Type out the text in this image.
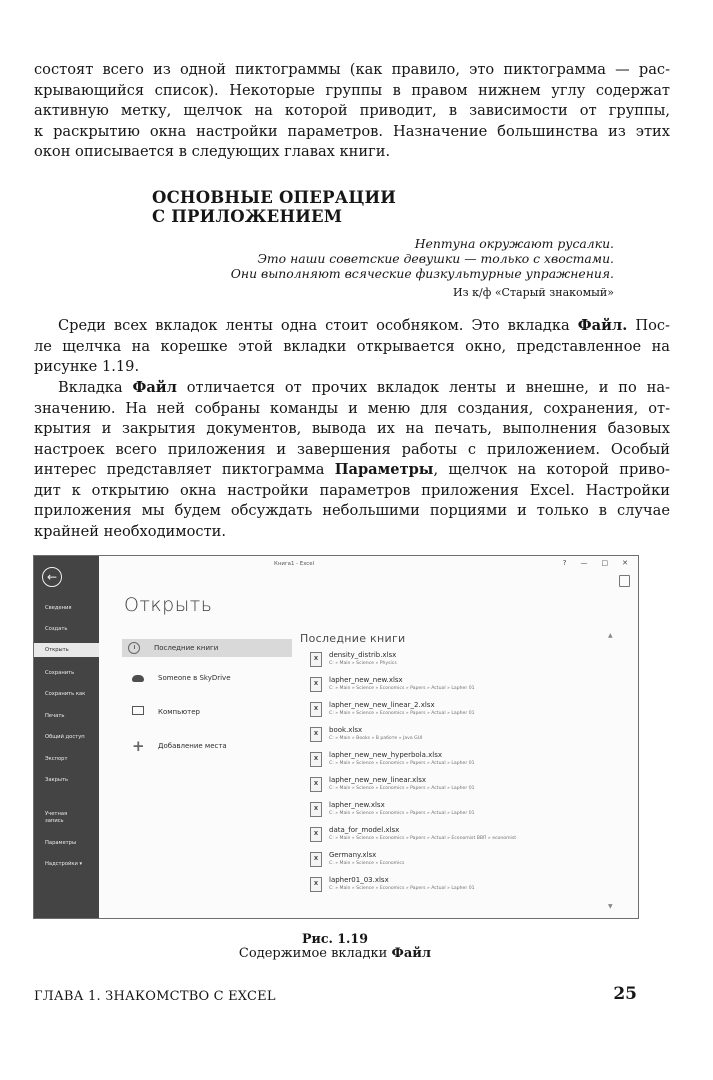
состоят всего из одной пиктограммы (как правило, это пиктограмма — рас-
крывающийся список). Некоторые группы в правом нижнем углу содержат
активную метку, щелчок на которой приводит, в зависимости от группы,
к раскрытию окна настройки параметров. Назначение большинства из этих
окон описывается в следующих главах книги.

ОСНОВНЫЕ ОПЕРАЦИИ
С ПРИЛОЖЕНИЕМ
Нептуна окружают русалки.
Это наши советские девушки — только с хвостами.
Они выполняют всяческие физкультурные упражнения.
Из к/ф «Старый знакомый»

Среди всех вкладок ленты одна стоит особняком. Это вкладка Файл. Пос-
ле щелчка на корешке этой вкладки открывается окно, представленное на
рисунке 1.19.

Вкладка Файл отличается от прочих вкладок ленты и внешне, и по на-
значению. На ней собраны команды и меню для создания, сохранения, от-
крытия и закрытия документов, вывода их на печать, выполнения базовых
настроек всего приложения и завершения работы с приложением. Особый
интерес представляет пиктограмма Параметры, щелчок на которой приво-
дит к открытию окна настройки параметров приложения Excel. Настройки
приложения мы будем обсуждать небольшими порциями и только в случае
крайней необходимости.

←
Сведения
Создать
Открыть
Сохранить
Сохранить как
Печать
Общий доступ
Экспорт
Закрыть
Учетная
запись
Параметры
Надстройки ▾
Книга1 - Excel	? — □ ✕
Открыть
Последние книги
Someone в SkyDrive
Компьютер
+ Добавление места
Последние книги
X	density_distrib.xlsx
C: » Main » Science » Physics
X	lapher_new_new.xlsx
C: » Main » Science » Economics » Papers » Actual » Lapher 01
X	lapher_new_new_linear_2.xlsx
C: » Main » Science » Economics » Papers » Actual » Lapher 01
X	book.xlsx
C: » Main » Books » В работе » Java GUI
X	lapher_new_new_hyperbola.xlsx
C: » Main » Science » Economics » Papers » Actual » Lapher 01
X	lapher_new_new_linear.xlsx
C: » Main » Science » Economics » Papers » Actual » Lapher 01
X	lapher_new.xlsx
C: » Main » Science » Economics » Papers » Actual » Lapher 01
X	data_for_model.xlsx
C: » Main » Science » Economics » Papers » Actual » Economist ВВП » economist
X	Germany.xlsx
C: » Main » Science » Economics
X	lapher01_03.xlsx
C: » Main » Science » Economics » Papers » Actual » Lapher 01
▲
▼
Рис. 1.19
Содержимое вкладки Файл
ГЛАВА 1. ЗНАКОМСТВО С EXCEL	25
